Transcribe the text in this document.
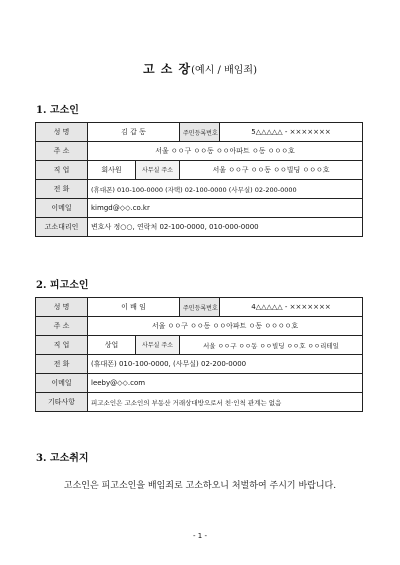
고 소 장(예시 / 배임죄)
1. 고소인
성 명	김 갑 동		주민등록번호	5△△△△△ - ×××××××
주 소	서울 ㅇㅇ구 ㅇㅇ동 ㅇㅇ아파트 ㅇ동 ㅇㅇㅇ호			
직 업	회사원	사무실 주소	서울 ㅇㅇ구 ㅇㅇ동 ㅇㅇ빌딩 ㅇㅇㅇ호	
전 화	(휴대폰) 010-100-0000 (자택) 02-100-0000 (사무실) 02-200-0000			
이메일	kimgd@◇◇.co.kr			
고소대리인	변호사 정○○, 연락처 02-100-0000, 010-000-0000			
2. 피고소인
성 명	이 배 임		주민등록번호	4△△△△△ - ×××××××
주 소	서울 ㅇㅇ구 ㅇㅇ동 ㅇㅇ아파트 ㅇ동 ㅇㅇㅇㅇ호			
직 업	상업	사무실 주소	서울 ㅇㅇ구 ㅇㅇ동 ㅇㅇ빌딩 ㅇㅇ호 ㅇㅇ리테일	
전 화	(휴대폰) 010-100-0000, (사무실) 02-200-0000			
이메일	leeby@◇◇.com			
기타사항	피고소인은 고소인의 부동산 거래상대방으로서 친·인척 관계는 없음			
3. 고소취지
고소인은 피고소인을 배임죄로 고소하오니 처벌하여 주시기 바랍니다.
- 1 -
